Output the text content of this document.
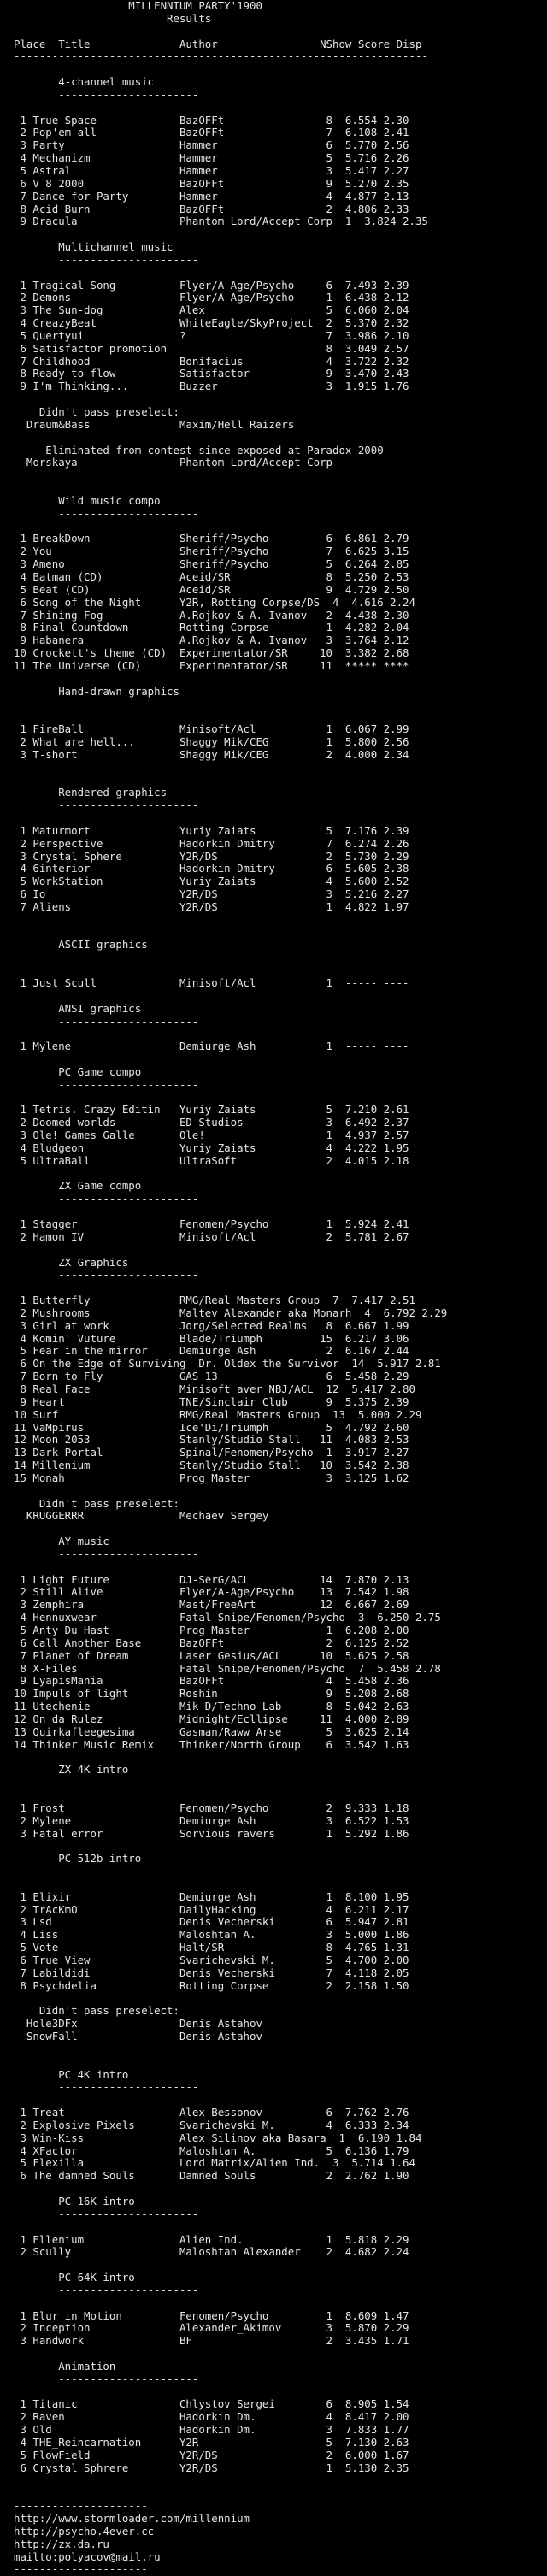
MILLENNIUM PARTY'1900
Results
-----------------------------------------------------------------
Place  Title              Author                NShow Score Disp
-----------------------------------------------------------------

4-channel music
----------------------

1 True Space             BazOFFt                8  6.554 2.30
2 Pop'em all             BazOFFt                7  6.108 2.41
3 Party                  Hammer                 6  5.770 2.56
4 Mechanizm              Hammer                 5  5.716 2.26
5 Astral                 Hammer                 3  5.417 2.27
6 V 8 2000               BazOFFt                9  5.270 2.35
7 Dance for Party        Hammer                 4  4.877 2.13
8 Acid Burn              BazOFFt                2  4.806 2.33
9 Dracula                Phantom Lord/Accept Corp  1  3.824 2.35

Multichannel music
----------------------

1 Tragical Song          Flyer/A-Age/Psycho     6  7.493 2.39
2 Demons                 Flyer/A-Age/Psycho     1  6.438 2.12
3 The Sun-dog            Alex                   5  6.060 2.04
4 CreazyBeat             WhiteEagle/SkyProject  2  5.370 2.32
5 Quertyui               ?                      7  3.986 2.10
6 Satisfactor promotion                         8  3.049 2.57
7 Childhood              Bonifacius             4  3.722 2.32
8 Ready to flow          Satisfactor            9  3.470 2.43
9 I'm Thinking...        Buzzer                 3  1.915 1.76

Didn't pass preselect:
Draum&Bass              Maxim/Hell Raizers

Eliminated from contest since exposed at Paradox 2000
Morskaya                Phantom Lord/Accept Corp

Wild music compo
----------------------

1 BreakDown              Sheriff/Psycho         6  6.861 2.79
2 You                    Sheriff/Psycho         7  6.625 3.15
3 Ameno                  Sheriff/Psycho         5  6.264 2.85
4 Batman (CD)            Aceid/SR               8  5.250 2.53
5 Beat (CD)              Aceid/SR               9  4.729 2.50
6 Song of the Night      Y2R, Rotting Corpse/DS  4  4.616 2.24
7 Shining Fog            A.Rojkov & A. Ivanov   2  4.438 2.30
8 Final Countdown        Rotting Corpse         1  4.282 2.04
9 Habanera               A.Rojkov & A. Ivanov   3  3.764 2.12
10 Crockett's theme (CD)  Experimentator/SR     10  3.382 2.68
11 The Universe (CD)      Experimentator/SR     11  ***** ****

Hand-drawn graphics
----------------------

1 FireBall               Minisoft/Acl           1  6.067 2.99
2 What are hell...       Shaggy Mik/CEG         1  5.800 2.56
3 T-short                Shaggy Mik/CEG         2  4.000 2.34

Rendered graphics
----------------------

1 Maturmort              Yuriy Zaiats           5  7.176 2.39
2 Perspective            Hadorkin Dmitry        7  6.274 2.26
3 Crystal Sphere         Y2R/DS                 2  5.730 2.29
4 6interior              Hadorkin Dmitry        6  5.605 2.38
5 WorkStation            Yuriy Zaiats           4  5.600 2.52
6 Io                     Y2R/DS                 3  5.216 2.27
7 Aliens                 Y2R/DS                 1  4.822 1.97

ASCII graphics
----------------------

1 Just Scull             Minisoft/Acl           1  ----- ----

ANSI graphics
----------------------

1 Mylene                 Demiurge Ash           1  ----- ----

PC Game compo
----------------------

1 Tetris. Crazy Editin   Yuriy Zaiats           5  7.210 2.61
2 Doomed worlds          ED Studios             3  6.492 2.37
3 Ole! Games Galle       Ole!                   1  4.937 2.57
4 Bludgeon               Yuriy Zaiats           4  4.222 1.95
5 UltraBall              UltraSoft              2  4.015 2.18

ZX Game compo
----------------------

1 Stagger                Fenomen/Psycho         1  5.924 2.41
2 Hamon IV               Minisoft/Acl           2  5.781 2.67

ZX Graphics
----------------------

1 Butterfly              RMG/Real Masters Group  7  7.417 2.51
2 Mushrooms              Maltev Alexander aka Monarh  4  6.792 2.29
3 Girl at work           Jorg/Selected Realms   8  6.667 1.99
4 Komin' Vuture          Blade/Triumph         15  6.217 3.06
5 Fear in the mirror     Demiurge Ash           2  6.167 2.44
6 On the Edge of Surviving  Dr. Oldex the Survivor  14  5.917 2.81
7 Born to Fly            GAS 13                 6  5.458 2.29
8 Real Face              Minisoft aver NBJ/ACL  12  5.417 2.80
9 Heart                  TNE/Sinclair Club      9  5.375 2.39
10 Surf                   RMG/Real Masters Group  13  5.000 2.29
11 VaMpirus               Ice'Di/Triumph         5  4.792 2.60
12 Moon 2053              Stanly/Studio Stall   11  4.083 2.53
13 Dark Portal            Spinal/Fenomen/Psycho  1  3.917 2.27
14 Millenium              Stanly/Studio Stall   10  3.542 2.38
15 Monah                  Prog Master            3  3.125 1.62

Didn't pass preselect:
KRUGGERRR               Mechaev Sergey

AY music
----------------------

1 Light Future           DJ-SerG/ACL           14  7.870 2.13
2 Still Alive            Flyer/A-Age/Psycho    13  7.542 1.98
3 Zemphira               Mast/FreeArt          12  6.667 2.69
4 Hennuxwear             Fatal Snipe/Fenomen/Psycho  3  6.250 2.75
5 Anty Du Hast           Prog Master            1  6.208 2.00
6 Call Another Base      BazOFFt                2  6.125 2.52
7 Planet of Dream        Laser Gesius/ACL      10  5.625 2.58
8 X-Files                Fatal Snipe/Fenomen/Psycho  7  5.458 2.78
9 LyapisMania            BazOFFt                4  5.458 2.36
10 Impuls of light        Roshin                 9  5.208 2.68
11 Utechenie              Mik_D/Techno Lab       8  5.042 2.63
12 On da Rulez            Midnight/Ecllipse     11  4.000 2.89
13 Quirkafleegesima       Gasman/Raww Arse       5  3.625 2.14
14 Thinker Music Remix    Thinker/North Group    6  3.542 1.63

ZX 4K intro
----------------------

1 Frost                  Fenomen/Psycho         2  9.333 1.18
2 Mylene                 Demiurge Ash           3  6.522 1.53
3 Fatal error            Sorvious ravers        1  5.292 1.86

PC 512b intro
----------------------

1 Elixir                 Demiurge Ash           1  8.100 1.95
2 TrAcKmO                DailyHacking           4  6.211 2.17
3 Lsd                    Denis Vecherski        6  5.947 2.81
4 Liss                   Maloshtan A.           3  5.000 1.86
5 Vote                   Halt/SR                8  4.765 1.31
6 True View              Svarichevski M.        5  4.700 2.00
7 Labildidi              Denis Vecherski        7  4.118 2.05
8 Psychdelia             Rotting Corpse         2  2.158 1.50

Didn't pass preselect:
Hole3DFx                Denis Astahov
SnowFall                Denis Astahov

PC 4K intro
----------------------

1 Treat                  Alex Bessonov          6  7.762 2.76
2 Explosive Pixels       Svarichevski M.        4  6.333 2.34
3 Win-Kiss               Alex Silinov aka Basara  1  6.190 1.84
4 XFactor                Maloshtan A.           5  6.136 1.79
5 Flexilla               Lord Matrix/Alien Ind.  3  5.714 1.64
6 The damned Souls       Damned Souls           2  2.762 1.90

PC 16K intro
----------------------

1 Ellenium               Alien Ind.             1  5.818 2.29
2 Scully                 Maloshtan Alexander    2  4.682 2.24

PC 64K intro
----------------------

1 Blur in Motion         Fenomen/Psycho         1  8.609 1.47
2 Inception              Alexander_Akimov       3  5.870 2.29
3 Handwork               BF                     2  3.435 1.71

Animation
----------------------

1 Titanic                Chlystov Sergei        6  8.905 1.54
2 Raven                  Hadorkin Dm.           4  8.417 2.00
3 Old                    Hadorkin Dm.           3  7.833 1.77
4 THE_Reincarnation      Y2R                    5  7.130 2.63
5 FlowField              Y2R/DS                 2  6.000 1.67
6 Crystal Sphrere        Y2R/DS                 1  5.130 2.35

---------------------
http://www.stormloader.com/millennium
http://psycho.4ever.cc
http://zx.da.ru
mailto:polyacov@mail.ru
---------------------
